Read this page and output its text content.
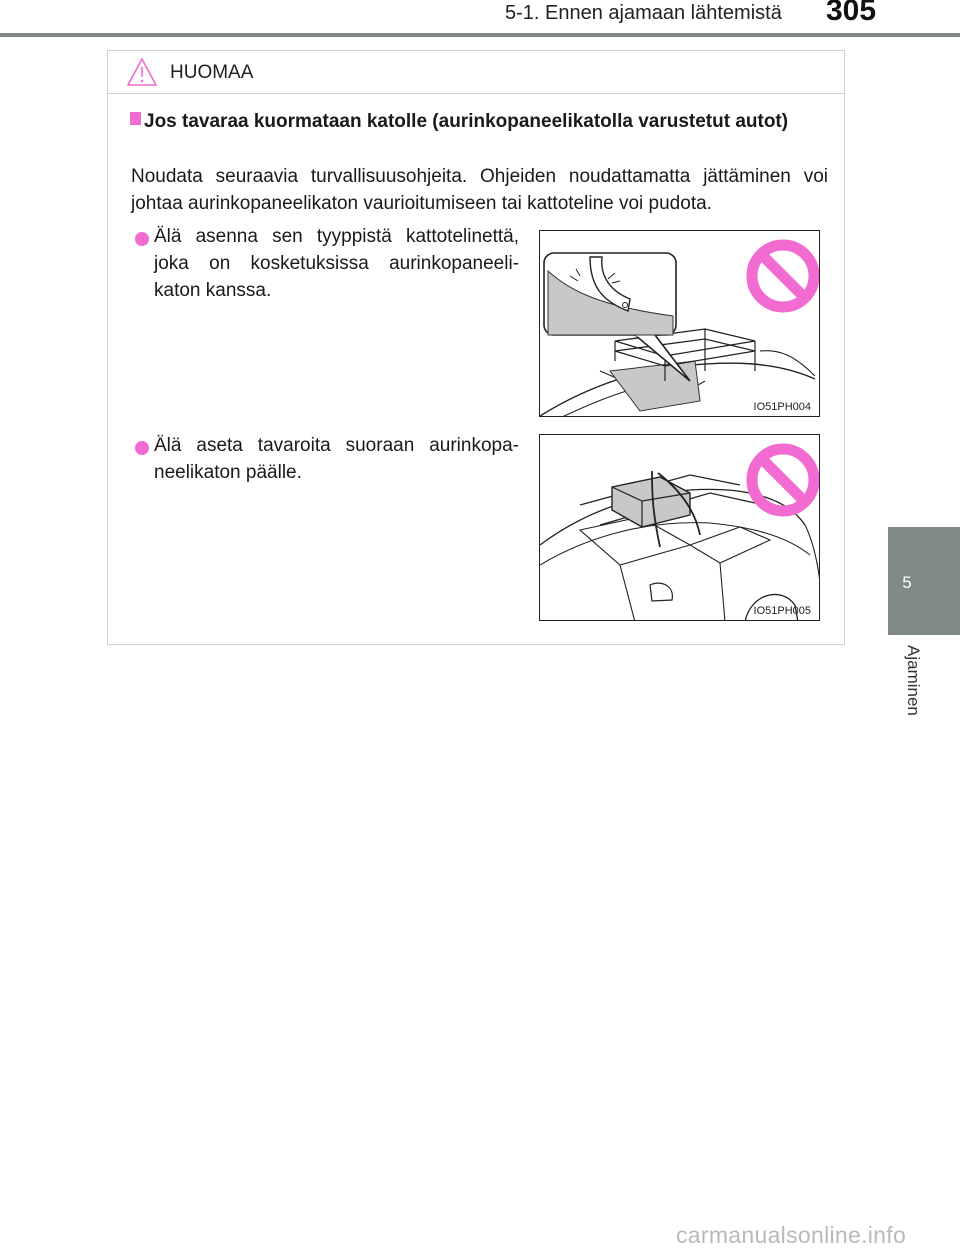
5-1. Ennen ajamaan lähtemistä 305
5
Ajaminen
HUOMAA
Jos tavaraa kuormataan katolle (aurinkopaneelikatolla varustetut autot)
Noudata seuraavia turvallisuusohjeita. Ohjeiden noudattamatta jättäminen voi johtaa aurinkopaneelikaton vaurioitumiseen tai kattoteline voi pudota.
Älä asenna sen tyyppistä kattotelinettä, joka on kosketuksissa aurinkopaneeli-katon kanssa.
Älä aseta tavaroita suoraan aurinkopa-neelikaton päälle.
IO51PH004
IO51PH005
carmanualsonline.info
